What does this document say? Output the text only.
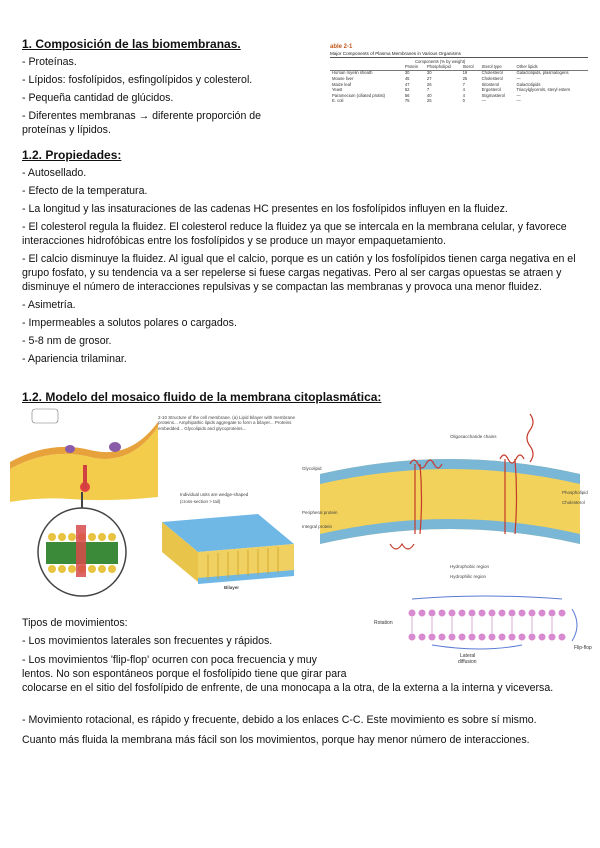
1. Composición de las biomembranas.
- Proteínas.
- Lípidos: fosfolípidos, esfingolípidos y colesterol.
- Pequeña cantidad de glúcidos.
- Diferentes membranas → diferente proporción de
proteínas y lípidos.
able 2-1
Major Components of Plasma Membranes in Various Organisms
Components (% by weight)
	Protein	Phospholipid	Sterol	Sterol type	Other lipids
Human myelin sheath	30	30	19	Cholesterol	Galactolipids, plasmalogens
Mouse liver	45	27	25	Cholesterol	—
Maize leaf	47	26	7	Sitosterol	Galactolipids
Yeast	52	7	4	Ergosterol	Triacylglycerols, steryl esters
Paramecium (ciliated protist)	56	40	4	Stigmasterol	—
E. coli	75	25	0	—	—
1.2. Propiedades:
- Autosellado.
- Efecto de la temperatura.
- La longitud y las insaturaciones de las cadenas HC presentes en los fosfolípidos influyen en la fluidez.
- El colesterol regula la fluidez. El colesterol reduce la fluidez ya que se intercala en la membrana celular, y favorece interacciones hidrofóbicas entre los fosfolípidos y se produce un mayor empaquetamiento.
- El calcio disminuye la fluidez. Al igual que el calcio, porque es un catión y los fosfolípidos tienen carga negativa en el grupo fosfato, y su tendencia va a ser repelerse si fuese cargas negativas. Pero al ser cargas opuestas se atraen y disminuye el número de interacciones repulsivas y se compactan las membranas y provoca una menor fluidez.
- Asimetría.
- Impermeables a solutos polares o cargados.
- 5-8 nm de grosor.
- Apariencia trilaminar.
1.2. Modelo del mosaico fluido de la membrana citoplasmática:
2-10 Structure of the cell membrane. (a) Lipid bilayer with membrane proteins... Amphipathic lipids aggregate to form a bilayer... Proteins embedded... Glycolipids and glycoproteins...
Individual units are wedge-shaped
(cross-section > tail)
Bilayer
Glycolipid
Oligosaccharide chains
Peripheral protein
Integral protein
Phospholipid
Cholesterol
Hydrophobic region
Hydrophilic region
Rotation
Flip-flop
Lateral
diffusion
Tipos de movimientos:
- Los movimientos laterales son frecuentes y rápidos.
- Los movimientos 'flip-flop' ocurren con poca frecuencia y muy
lentos. No son espontáneos porque el fosfolípido tiene que girar para
colocarse en el sitio del fosfolípido de enfrente, de una monocapa a la otra, de la externa a la interna y viceversa.
- Movimiento rotacional, es rápido y frecuente, debido a los enlaces C-C. Este movimiento es sobre sí mismo.
Cuanto más fluida la membrana más fácil son los movimientos, porque hay menor número de interacciones.
